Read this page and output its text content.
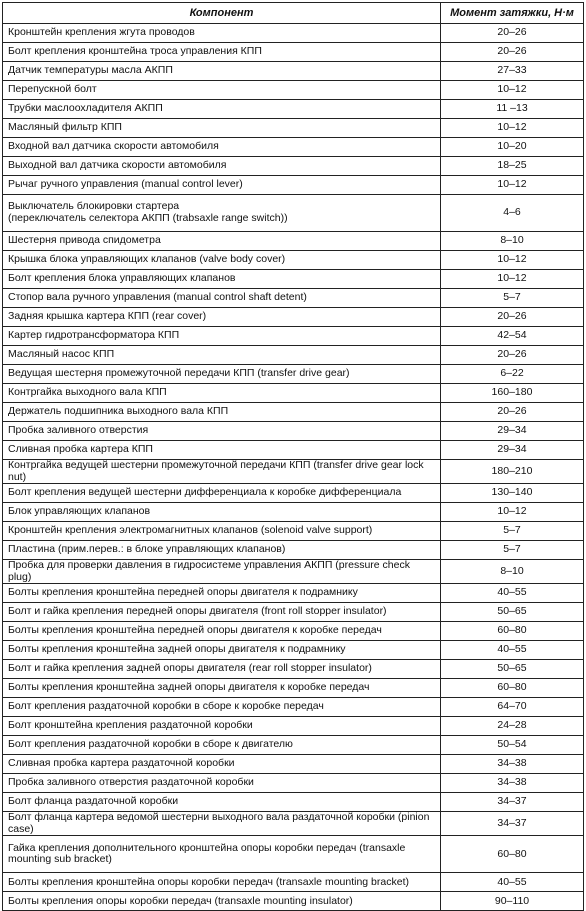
Компонент	Момент затяжки, Н·м
Кронштейн крепления жгута проводов	20–26
Болт крепления кронштейна троса управления КПП	20–26
Датчик температуры масла АКПП	27–33
Перепускной болт	10–12
Трубки маслоохладителя АКПП	11 –13
Масляный фильтр КПП	10–12
Входной вал датчика скорости автомобиля	10–20
Выходной вал датчика скорости автомобиля	18–25
Рычаг ручного управления (manual control lever)	10–12
Выключатель блокировки стартера
(переключатель селектора АКПП (trabsaxle range switch))	4–6
Шестерня привода спидометра	8–10
Крышка блока управляющих клапанов (valve body cover)	10–12
Болт крепления блока управляющих клапанов	10–12
Стопор вала ручного управления (manual control shaft detent)	5–7
Задняя крышка картера КПП (rear cover)	20–26
Картер гидротрансформатора КПП	42–54
Масляный насос КПП	20–26
Ведущая шестерня промежуточной передачи КПП (transfer drive gear)	6–22
Контргайка выходного вала КПП	160–180
Держатель подшипника выходного вала КПП	20–26
Пробка заливного отверстия	29–34
Сливная пробка картера КПП	29–34
Контргайка ведущей шестерни промежуточной передачи КПП (transfer drive gear lock nut)	180–210
Болт крепления ведущей шестерни дифференциала к коробке дифференциала	130–140
Блок управляющих клапанов	10–12
Кронштейн крепления электромагнитных клапанов (solenoid valve support)	5–7
Пластина (прим.перев.: в блоке управляющих клапанов)	5–7
Пробка для проверки давления в гидросистеме управления АКПП (pressure check plug)	8–10
Болты крепления кронштейна передней опоры двигателя к подрамнику	40–55
Болт и гайка крепления передней опоры двигателя (front roll stopper insulator)	50–65
Болты крепления кронштейна передней опоры двигателя к коробке передач	60–80
Болты крепления кронштейна задней опоры двигателя к подрамнику	40–55
Болт и гайка крепления задней опоры двигателя (rear roll stopper insulator)	50–65
Болты крепления кронштейна задней опоры двигателя к коробке передач	60–80
Болт крепления раздаточной коробки в сборе к коробке передач	64–70
Болт кронштейна крепления раздаточной коробки	24–28
Болт крепления раздаточной коробки в сборе к двигателю	50–54
Сливная пробка картера раздаточной коробки	34–38
Пробка заливного отверстия раздаточной коробки	34–38
Болт фланца раздаточной коробки	34–37
Болт фланца картера ведомой шестерни выходного вала раздаточной коробки (pinion case)	34–37
Гайка крепления дополнительного кронштейна опоры коробки передач (transaxle
mounting sub bracket)	60–80
Болты крепления кронштейна опоры коробки передач (transaxle mounting bracket)	40–55
Болты крепления опоры коробки передач (transaxle mounting insulator)	90–110
